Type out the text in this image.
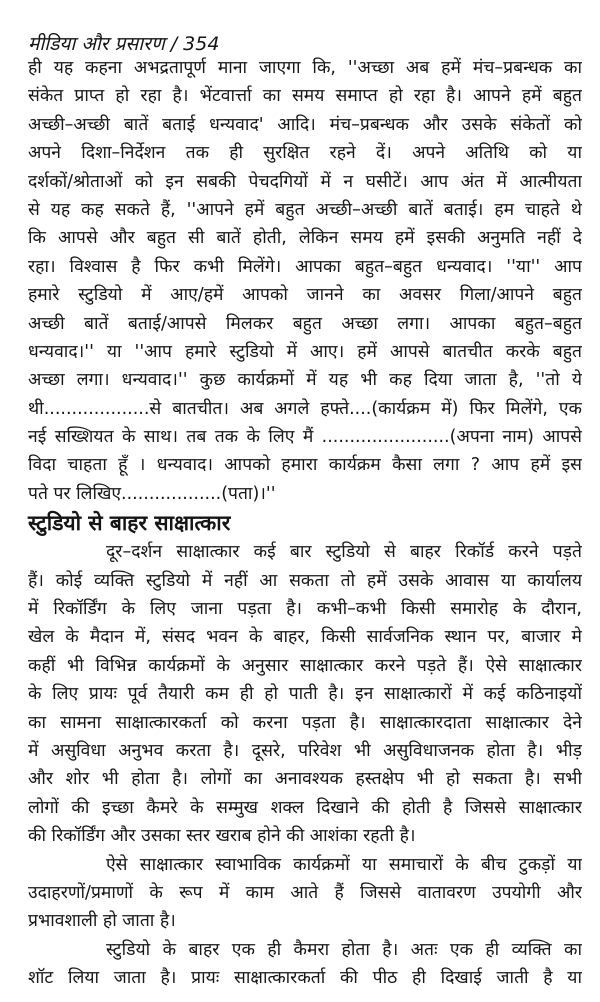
मीडिया और प्रसारण / 354
ही यह कहना अभद्रतापूर्ण माना जाएगा कि, ''अच्छा अब हमें मंच–प्रबन्धक का
संकेत प्राप्त हो रहा है। भेंटवार्त्ता का समय समाप्त हो रहा है। आपने हमें बहुत
अच्छी–अच्छी बातें बताई धन्यवाद' आदि। मंच–प्रबन्धक और उसके संकेतों को
अपने दिशा–निर्देशन तक ही सुरक्षित रहने दें। अपने अतिथि को या
दर्शकों/श्रोताओं को इन सबकी पेचदगियों में न घसीटें। आप अंत में आत्मीयता
से यह कह सकते हैं, ''आपने हमें बहुत अच्छी–अच्छी बातें बताई। हम चाहते थे
कि आपसे और बहुत सी बातें होती, लेकिन समय हमें इसकी अनुमति नहीं दे
रहा। विश्वास है फिर कभी मिलेंगे। आपका बहुत–बहुत धन्यवाद। ''या'' आप
हमारे स्टुडियो में आए/हमें आपको जानने का अवसर गिला/आपने बहुत
अच्छी बातें बताई/आपसे मिलकर बहुत अच्छा लगा। आपका बहुत–बहुत
धन्यवाद।'' या ''आप हमारे स्टुडियो में आए। हमें आपसे बातचीत करके बहुत
अच्छा लगा। धन्यवाद।'' कुछ कार्यक्रमों में यह भी कह दिया जाता है, ''तो ये
थी...................से बातचीत। अब अगले हफ्ते....(कार्यक्रम में) फिर मिलेंगे, एक
नई सख्शियत के साथ। तब तक के लिए मैं .......................(अपना नाम) आपसे
विदा चाहता हूँ । धन्यवाद। आपको हमारा कार्यक्रम कैसा लगा ? आप हमें इस
पते पर लिखिए..................(पता)।''
स्टुडियो से बाहर साक्षात्कार
दूर–दर्शन साक्षात्कार कई बार स्टुडियो से बाहर रिकॉर्ड करने पड़ते
हैं। कोई व्यक्ति स्टुडियो में नहीं आ सकता तो हमें उसके आवास या कार्यालय
में रिकॉर्डिंग के लिए जाना पड़ता है। कभी–कभी किसी समारोह के दौरान,
खेल के मैदान में, संसद भवन के बाहर, किसी सार्वजनिक स्थान पर, बाजार मे
कहीं भी विभिन्न कार्यक्रमों के अनुसार साक्षात्कार करने पड़ते हैं। ऐसे साक्षात्कार
के लिए प्रायः पूर्व तैयारी कम ही हो पाती है। इन साक्षात्कारों में कई कठिनाइयों
का सामना साक्षात्कारकर्ता को करना पड़ता है। साक्षात्कारदाता साक्षात्कार देने
में असुविधा अनुभव करता है। दूसरे, परिवेश भी असुविधाजनक होता है। भीड़
और शोर भी होता है। लोगों का अनावश्यक हस्तक्षेप भी हो सकता है। सभी
लोगों की इच्छा कैमरे के सम्मुख शक्ल दिखाने की होती है जिससे साक्षात्कार
की रिकॉर्डिंग और उसका स्तर खराब होने की आशंका रहती है।
ऐसे साक्षात्कार स्वाभाविक कार्यक्रमों या समाचारों के बीच टुकड़ों या
उदाहरणों/प्रमाणों के रूप में काम आते हैं जिससे वातावरण उपयोगी और
प्रभावशाली हो जाता है।
स्टुडियो के बाहर एक ही कैमरा होता है। अतः एक ही व्यक्ति का
शॉट लिया जाता है। प्रायः साक्षात्कारकर्ता की पीठ ही दिखाई जाती है या
